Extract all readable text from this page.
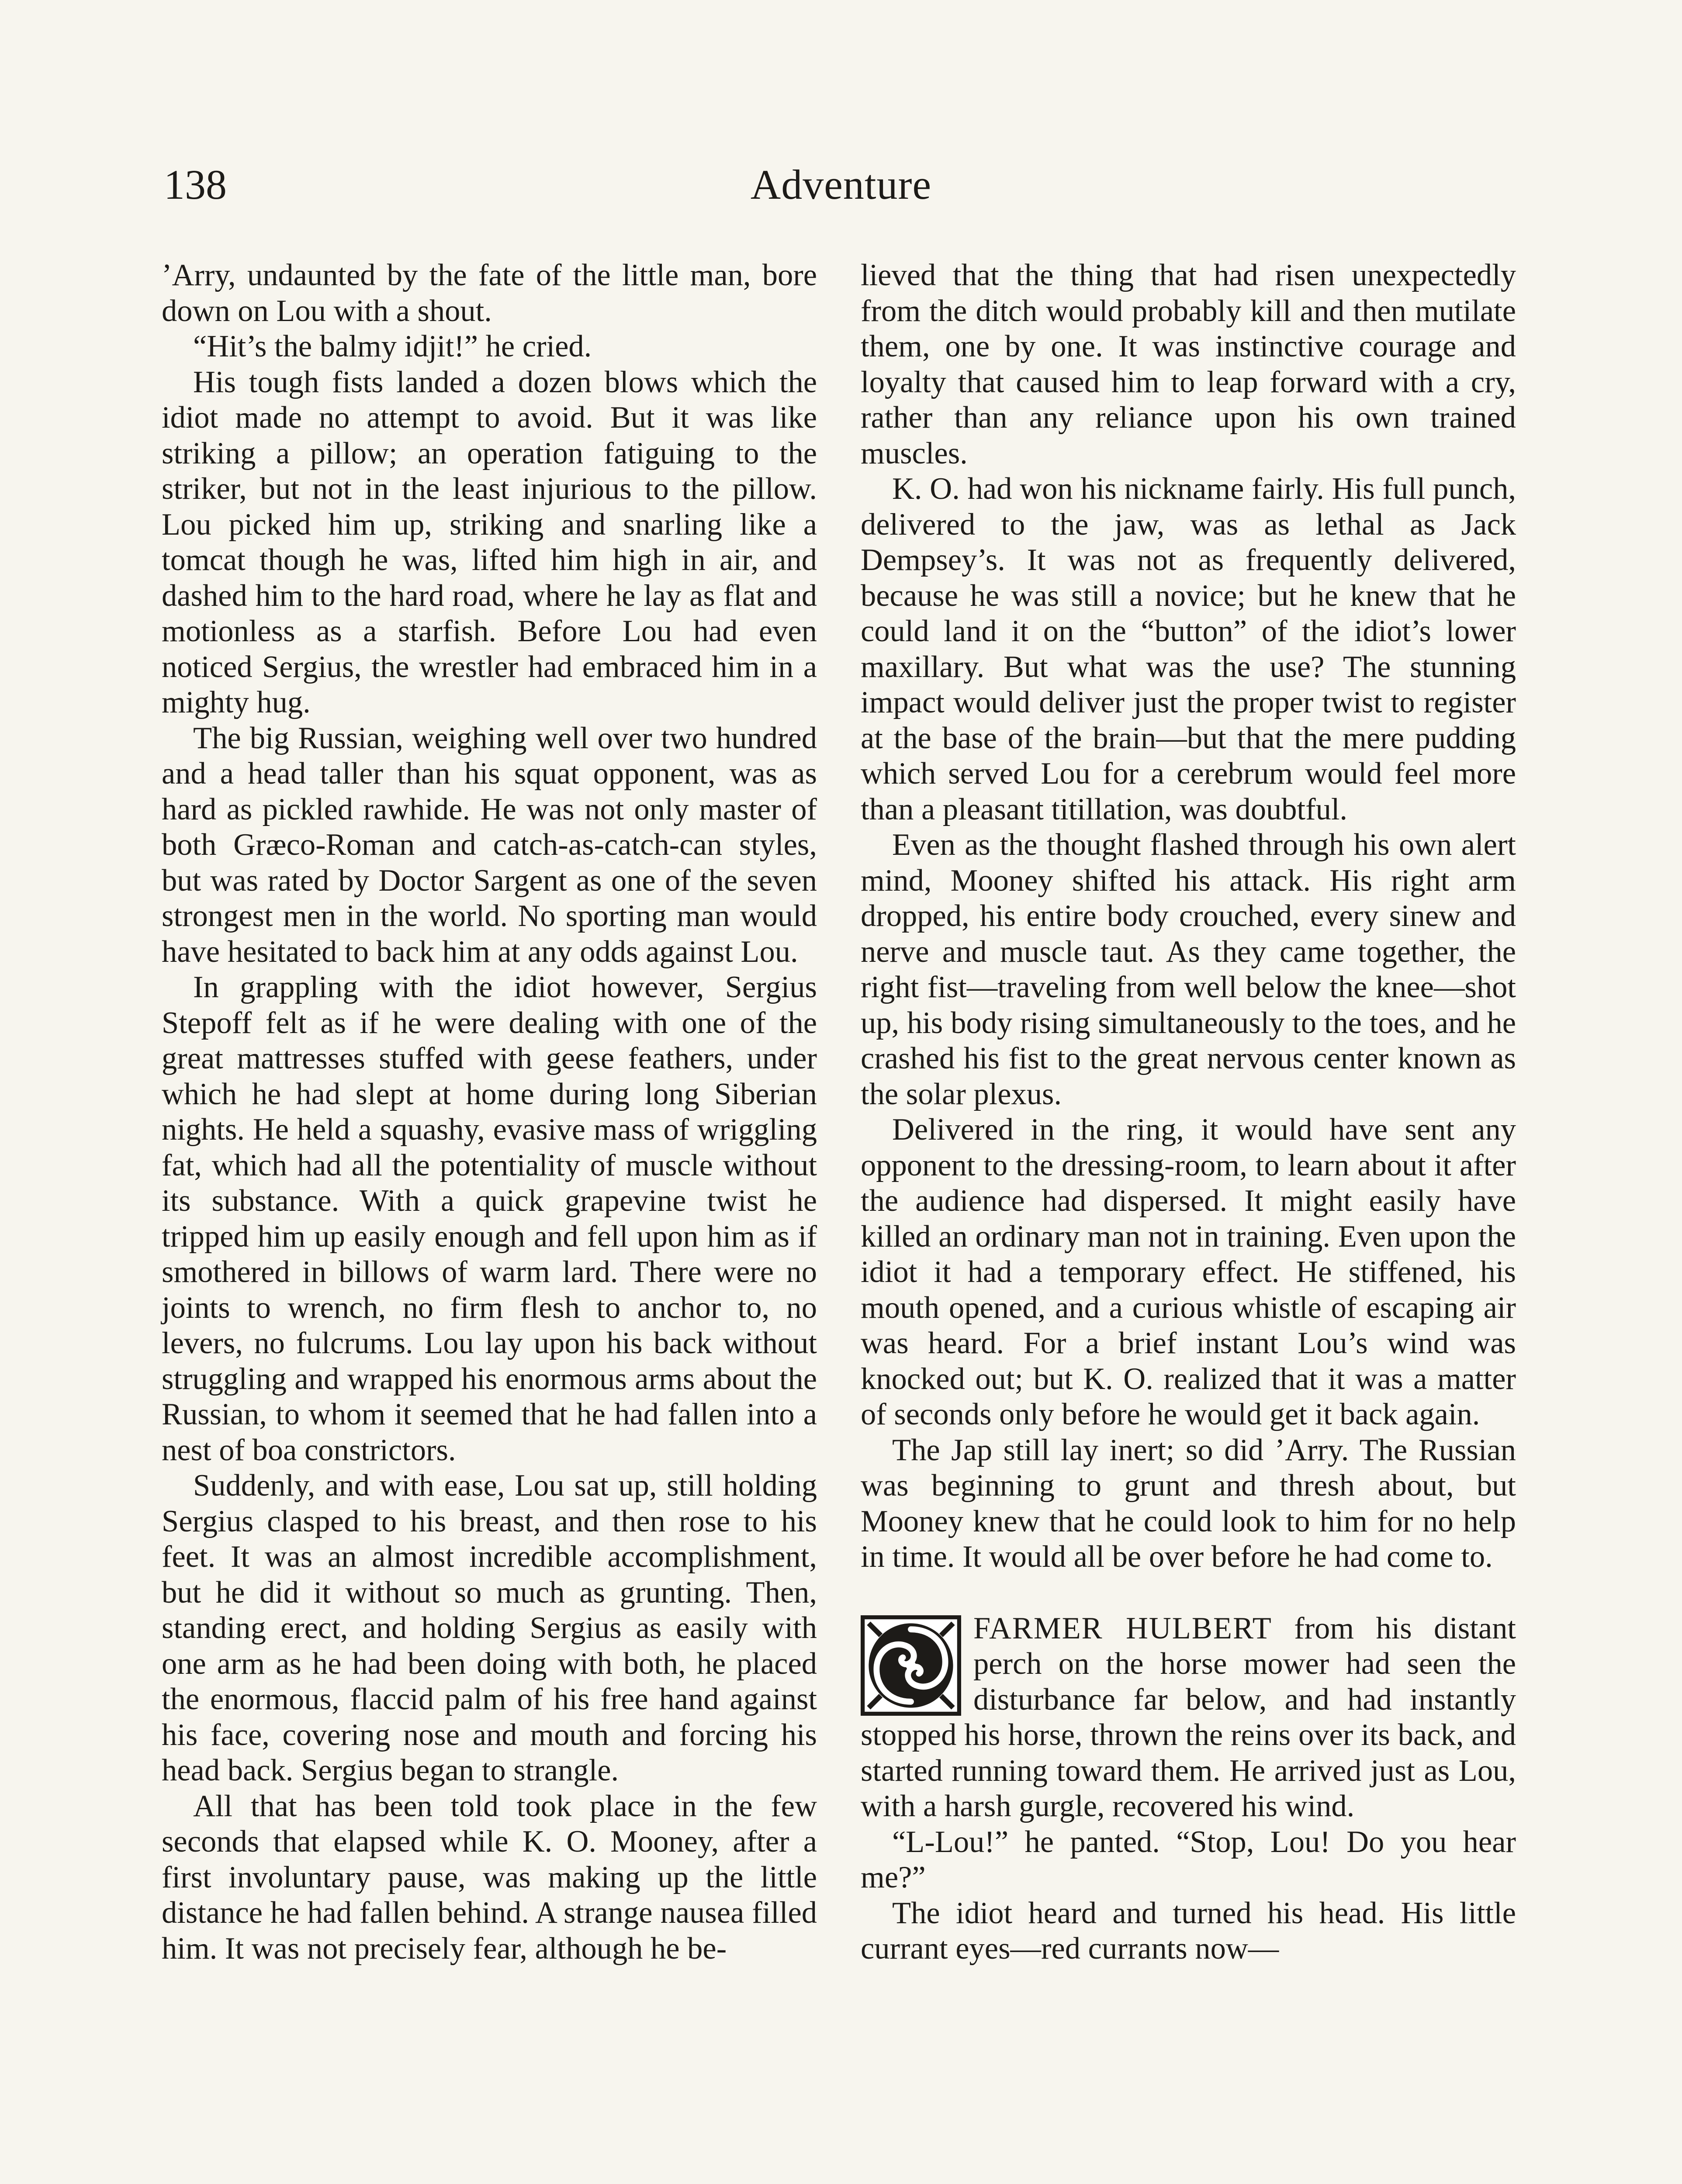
138	Adventure

’Arry, undaunted by the fate of the little man, bore down on Lou with a shout.

“Hit’s the balmy idjit!” he cried.

His tough fists landed a dozen blows which the idiot made no attempt to avoid. But it was like striking a pillow; an operation fatiguing to the striker, but not in the least injurious to the pillow. Lou picked him up, striking and snarling like a tomcat though he was, lifted him high in air, and dashed him to the hard road, where he lay as flat and motionless as a starfish. Before Lou had even noticed Sergius, the wrestler had embraced him in a mighty hug.

The big Russian, weighing well over two hundred and a head taller than his squat opponent, was as hard as pickled rawhide. He was not only master of both Græco-Roman and catch-as-catch-can styles, but was rated by Doctor Sargent as one of the seven strongest men in the world. No sporting man would have hesitated to back him at any odds against Lou.

In grappling with the idiot however, Sergius Stepoff felt as if he were dealing with one of the great mattresses stuffed with geese feathers, under which he had slept at home during long Siberian nights. He held a squashy, evasive mass of wriggling fat, which had all the potentiality of muscle without its substance. With a quick grapevine twist he tripped him up easily enough and fell upon him as if smothered in billows of warm lard. There were no joints to wrench, no firm flesh to anchor to, no levers, no fulcrums. Lou lay upon his back without struggling and wrapped his enormous arms about the Russian, to whom it seemed that he had fallen into a nest of boa constrictors.

Suddenly, and with ease, Lou sat up, still holding Sergius clasped to his breast, and then rose to his feet. It was an almost incredible accomplishment, but he did it without so much as grunting. Then, standing erect, and holding Sergius as easily with one arm as he had been doing with both, he placed the enormous, flaccid palm of his free hand against his face, covering nose and mouth and forcing his head back. Sergius began to strangle.

All that has been told took place in the few seconds that elapsed while K. O. Mooney, after a first involuntary pause, was making up the little distance he had fallen behind. A strange nausea filled him. It was not precisely fear, although he be-

lieved that the thing that had risen unexpectedly from the ditch would probably kill and then mutilate them, one by one. It was instinctive courage and loyalty that caused him to leap forward with a cry, rather than any reliance upon his own trained muscles.

K. O. had won his nickname fairly. His full punch, delivered to the jaw, was as lethal as Jack Dempsey’s. It was not as frequently delivered, because he was still a novice; but he knew that he could land it on the “button” of the idiot’s lower maxillary. But what was the use? The stunning impact would deliver just the proper twist to register at the base of the brain—but that the mere pudding which served Lou for a cerebrum would feel more than a pleasant titillation, was doubtful.

Even as the thought flashed through his own alert mind, Mooney shifted his attack. His right arm dropped, his entire body crouched, every sinew and nerve and muscle taut. As they came together, the right fist—traveling from well below the knee—shot up, his body rising simultaneously to the toes, and he crashed his fist to the great nervous center known as the solar plexus.

Delivered in the ring, it would have sent any opponent to the dressing-room, to learn about it after the audience had dispersed. It might easily have killed an ordinary man not in training. Even upon the idiot it had a temporary effect. He stiffened, his mouth opened, and a curious whistle of escaping air was heard. For a brief instant Lou’s wind was knocked out; but K. O. realized that it was a matter of seconds only before he would get it back again.

The Jap still lay inert; so did ’Arry. The Russian was beginning to grunt and thresh about, but Mooney knew that he could look to him for no help in time. It would all be over before he had come to.

FARMER HULBERT from his distant perch on the horse mower had seen the disturbance far below, and had instantly stopped his horse, thrown the reins over its back, and started running toward them. He arrived just as Lou, with a harsh gurgle, recovered his wind.

“L-Lou!” he panted. “Stop, Lou! Do you hear me?”

The idiot heard and turned his head. His little currant eyes—red currants now—
